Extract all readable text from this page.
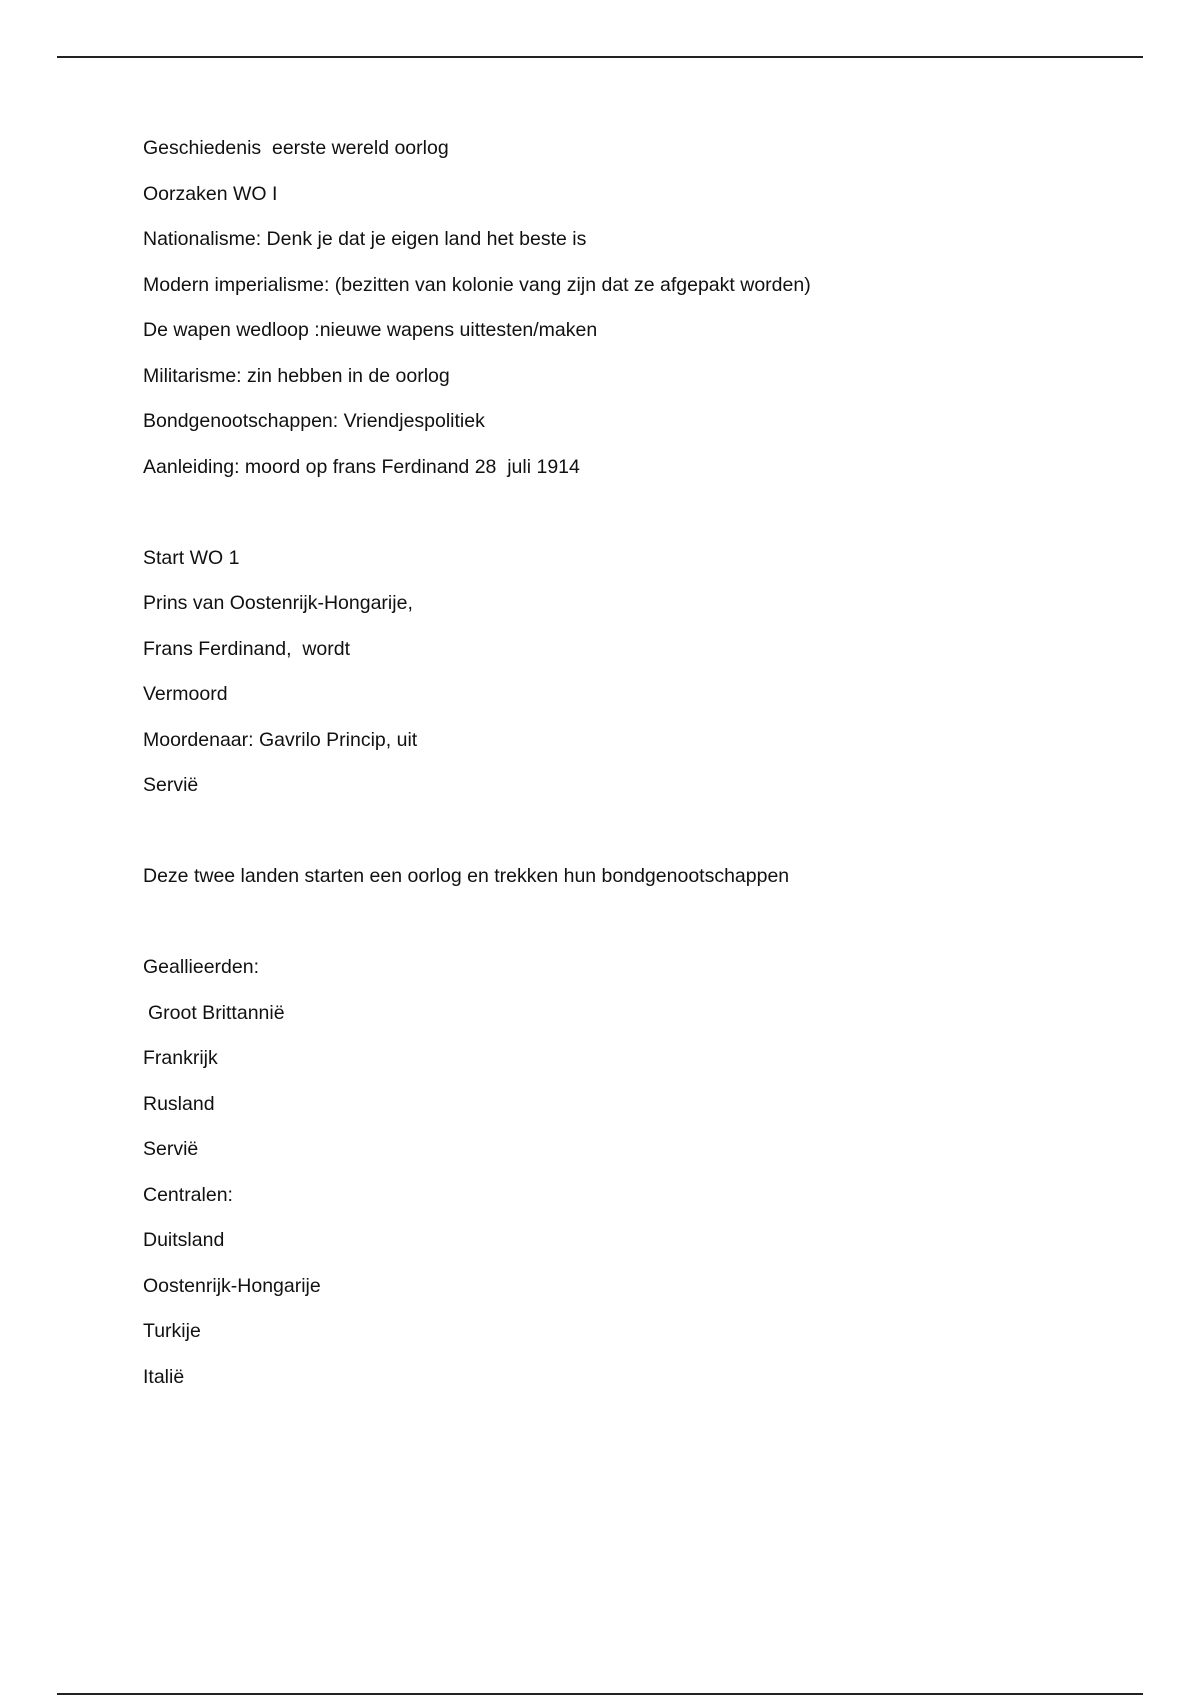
Geschiedenis  eerste wereld oorlog

Oorzaken WO I

Nationalisme: Denk je dat je eigen land het beste is

Modern imperialisme: (bezitten van kolonie vang zijn dat ze afgepakt worden)

De wapen wedloop :nieuwe wapens uittesten/maken

Militarisme: zin hebben in de oorlog

Bondgenootschappen: Vriendjespolitiek

Aanleiding: moord op frans Ferdinand 28  juli 1914

Start WO 1

Prins van Oostenrijk-Hongarije,

Frans Ferdinand,  wordt

Vermoord

Moordenaar: Gavrilo Princip, uit

Servië

Deze twee landen starten een oorlog en trekken hun bondgenootschappen

Geallieerden:

Groot Brittannië

Frankrijk

Rusland

Servië

Centralen:

Duitsland

Oostenrijk-Hongarije

Turkije

Italië
